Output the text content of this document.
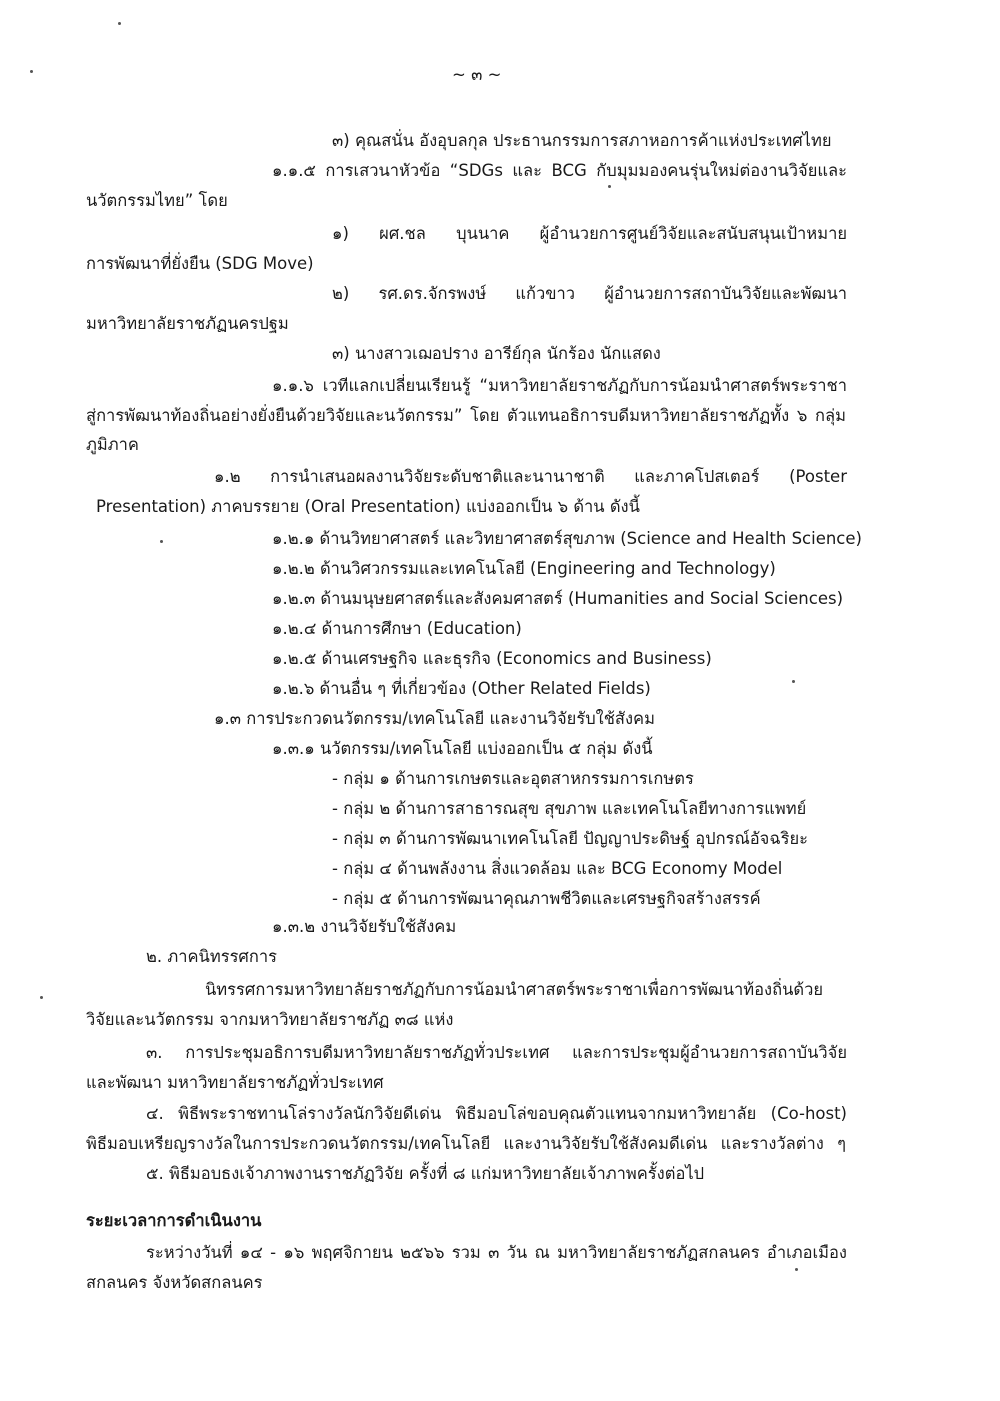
~ ๓ ~
๓) คุณสนั่น อังอุบลกุล ประธานกรรมการสภาหอการค้าแห่งประเทศไทย
๑.๑.๕ การเสวนาหัวข้อ “SDGs และ BCG กับมุมมองคนรุ่นใหม่ต่องานวิจัยและ
นวัตกรรมไทย” โดย
๑) ผศ.ชล บุนนาค ผู้อำนวยการศูนย์วิจัยและสนับสนุนเป้าหมาย
การพัฒนาที่ยั่งยืน (SDG Move)
๒) รศ.ดร.จักรพงษ์ แก้วขาว ผู้อำนวยการสถาบันวิจัยและพัฒนา
มหาวิทยาลัยราชภัฏนครปฐม
๓) นางสาวเฌอปราง อารีย์กุล นักร้อง นักแสดง
๑.๑.๖ เวทีแลกเปลี่ยนเรียนรู้ “มหาวิทยาลัยราชภัฏกับการน้อมนำศาสตร์พระราชา
สู่การพัฒนาท้องถิ่นอย่างยั่งยืนด้วยวิจัยและนวัตกรรม” โดย ตัวแทนอธิการบดีมหาวิทยาลัยราชภัฏทั้ง ๖ กลุ่ม
ภูมิภาค
๑.๒ การนำเสนอผลงานวิจัยระดับชาติและนานาชาติ และภาคโปสเตอร์ (Poster
Presentation) ภาคบรรยาย (Oral Presentation) แบ่งออกเป็น ๖ ด้าน ดังนี้
๑.๒.๑ ด้านวิทยาศาสตร์ และวิทยาศาสตร์สุขภาพ (Science and Health Science)
๑.๒.๒ ด้านวิศวกรรมและเทคโนโลยี (Engineering and Technology)
๑.๒.๓ ด้านมนุษยศาสตร์และสังคมศาสตร์ (Humanities and Social Sciences)
๑.๒.๔ ด้านการศึกษา (Education)
๑.๒.๕ ด้านเศรษฐกิจ และธุรกิจ (Economics and Business)
๑.๒.๖ ด้านอื่น ๆ ที่เกี่ยวข้อง (Other Related Fields)
๑.๓ การประกวดนวัตกรรม/เทคโนโลยี และงานวิจัยรับใช้สังคม
๑.๓.๑ นวัตกรรม/เทคโนโลยี แบ่งออกเป็น ๕ กลุ่ม ดังนี้
- กลุ่ม ๑ ด้านการเกษตรและอุตสาหกรรมการเกษตร
- กลุ่ม ๒ ด้านการสาธารณสุข สุขภาพ และเทคโนโลยีทางการแพทย์
- กลุ่ม ๓ ด้านการพัฒนาเทคโนโลยี ปัญญาประดิษฐ์ อุปกรณ์อัจฉริยะ
- กลุ่ม ๔ ด้านพลังงาน สิ่งแวดล้อม และ BCG Economy Model
- กลุ่ม ๕ ด้านการพัฒนาคุณภาพชีวิตและเศรษฐกิจสร้างสรรค์
๑.๓.๒ งานวิจัยรับใช้สังคม
๒. ภาคนิทรรศการ
นิทรรศการมหาวิทยาลัยราชภัฏกับการน้อมนำศาสตร์พระราชาเพื่อการพัฒนาท้องถิ่นด้วย
วิจัยและนวัตกรรม จากมหาวิทยาลัยราชภัฏ ๓๘ แห่ง
๓. การประชุมอธิการบดีมหาวิทยาลัยราชภัฏทั่วประเทศ และการประชุมผู้อำนวยการสถาบันวิจัย
และพัฒนา มหาวิทยาลัยราชภัฏทั่วประเทศ
๔. พิธีพระราชทานโล่รางวัลนักวิจัยดีเด่น พิธีมอบโล่ขอบคุณตัวแทนจากมหาวิทยาลัย (Co-host)
พิธีมอบเหรียญรางวัลในการประกวดนวัตกรรม/เทคโนโลยี และงานวิจัยรับใช้สังคมดีเด่น และรางวัลต่าง ๆ
๕. พิธีมอบธงเจ้าภาพงานราชภัฏวิจัย ครั้งที่ ๘ แก่มหาวิทยาลัยเจ้าภาพครั้งต่อไป
ระยะเวลาการดำเนินงาน
ระหว่างวันที่ ๑๔ - ๑๖ พฤศจิกายน ๒๕๖๖ รวม ๓ วัน ณ มหาวิทยาลัยราชภัฏสกลนคร อำเภอเมือง
สกลนคร จังหวัดสกลนคร
